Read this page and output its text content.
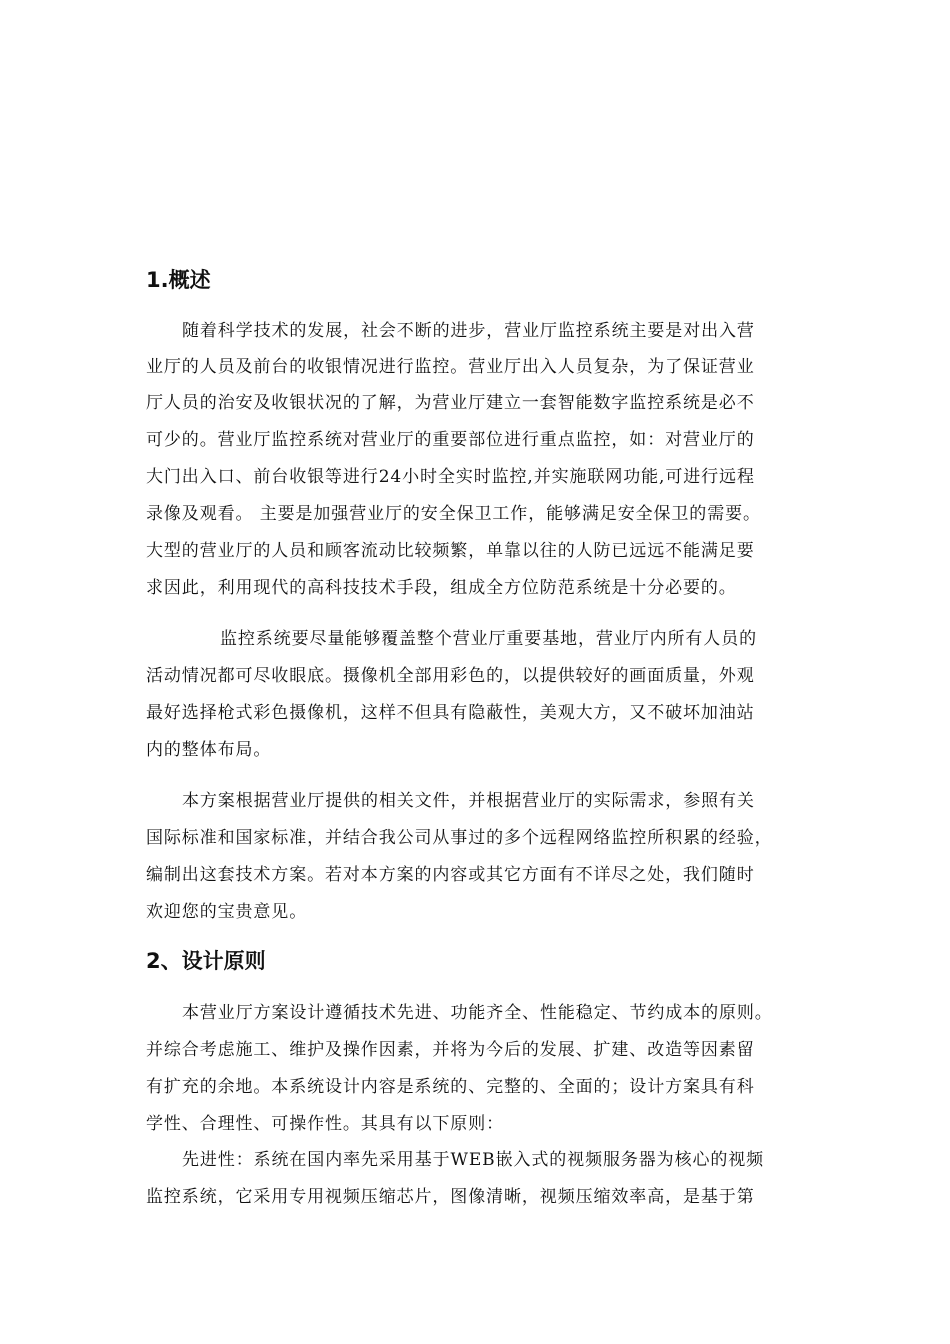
1.概述

随着科学技术的发展，社会不断的进步，营业厅监控系统主要是对出入营

业厅的人员及前台的收银情况进行监控。营业厅出入人员复杂，为了保证营业

厅人员的治安及收银状况的了解，为营业厅建立一套智能数字监控系统是必不

可少的。营业厅监控系统对营业厅的重要部位进行重点监控，如：对营业厅的

大门出入口、前台收银等进行24小时全实时监控,并实施联网功能,可进行远程

录像及观看。 主要是加强营业厅的安全保卫工作，能够满足安全保卫的需要。

大型的营业厅的人员和顾客流动比较频繁，单靠以往的人防已远远不能满足要

求因此，利用现代的高科技技术手段，组成全方位防范系统是十分必要的。

监控系统要尽量能够覆盖整个营业厅重要基地，营业厅内所有人员的

活动情况都可尽收眼底。摄像机全部用彩色的，以提供较好的画面质量，外观

最好选择枪式彩色摄像机，这样不但具有隐蔽性，美观大方，又不破坏加油站

内的整体布局。

本方案根据营业厅提供的相关文件，并根据营业厅的实际需求，参照有关

国际标准和国家标准，并结合我公司从事过的多个远程网络监控所积累的经验，

编制出这套技术方案。若对本方案的内容或其它方面有不详尽之处，我们随时

欢迎您的宝贵意见。

2、设计原则

本营业厅方案设计遵循技术先进、功能齐全、性能稳定、节约成本的原则。

并综合考虑施工、维护及操作因素，并将为今后的发展、扩建、改造等因素留

有扩充的余地。本系统设计内容是系统的、完整的、全面的；设计方案具有科

学性、合理性、可操作性。其具有以下原则：

先进性：系统在国内率先采用基于WEB嵌入式的视频服务器为核心的视频

监控系统，它采用专用视频压缩芯片，图像清晰，视频压缩效率高，是基于第
